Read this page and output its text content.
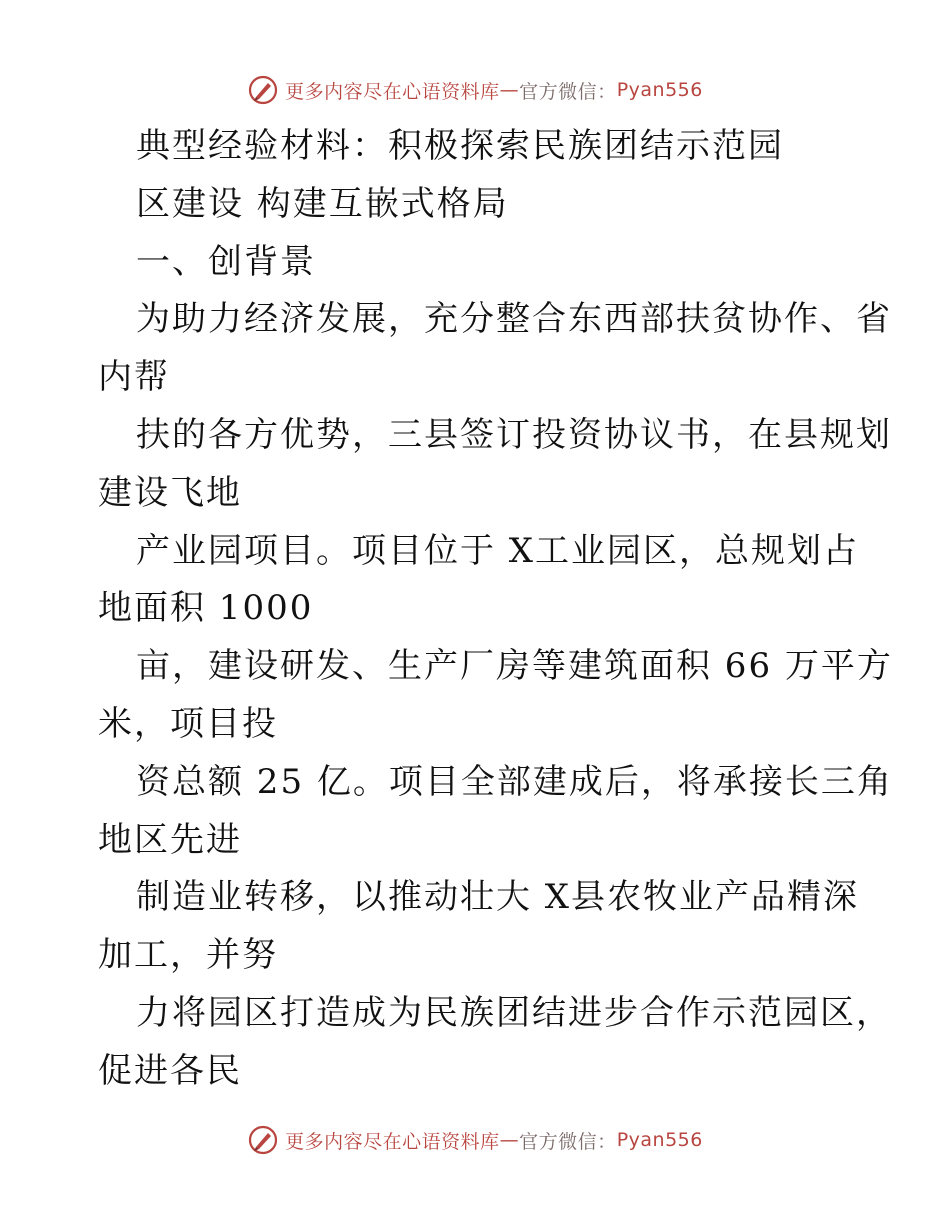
更多内容尽在心语资料库 — 官方微信： Pyan556
典型经验材料：积极探索民族团结示范园
区建设 构建互嵌式格局
一、创背景
为助力经济发展，充分整合东西部扶贫协作、省
内帮
扶的各方优势，三县签订投资协议书，在县规划
建设飞地
产业园项目。项目位于 X工业园区，总规划占
地面积 1000
亩，建设研发、生产厂房等建筑面积 66 万平方
米，项目投
资总额 25 亿。项目全部建成后，将承接长三角
地区先进
制造业转移，以推动壮大 X县农牧业产品精深
加工，并努
力将园区打造成为民族团结进步合作示范园区，
促进各民
更多内容尽在心语资料库 — 官方微信： Pyan556
